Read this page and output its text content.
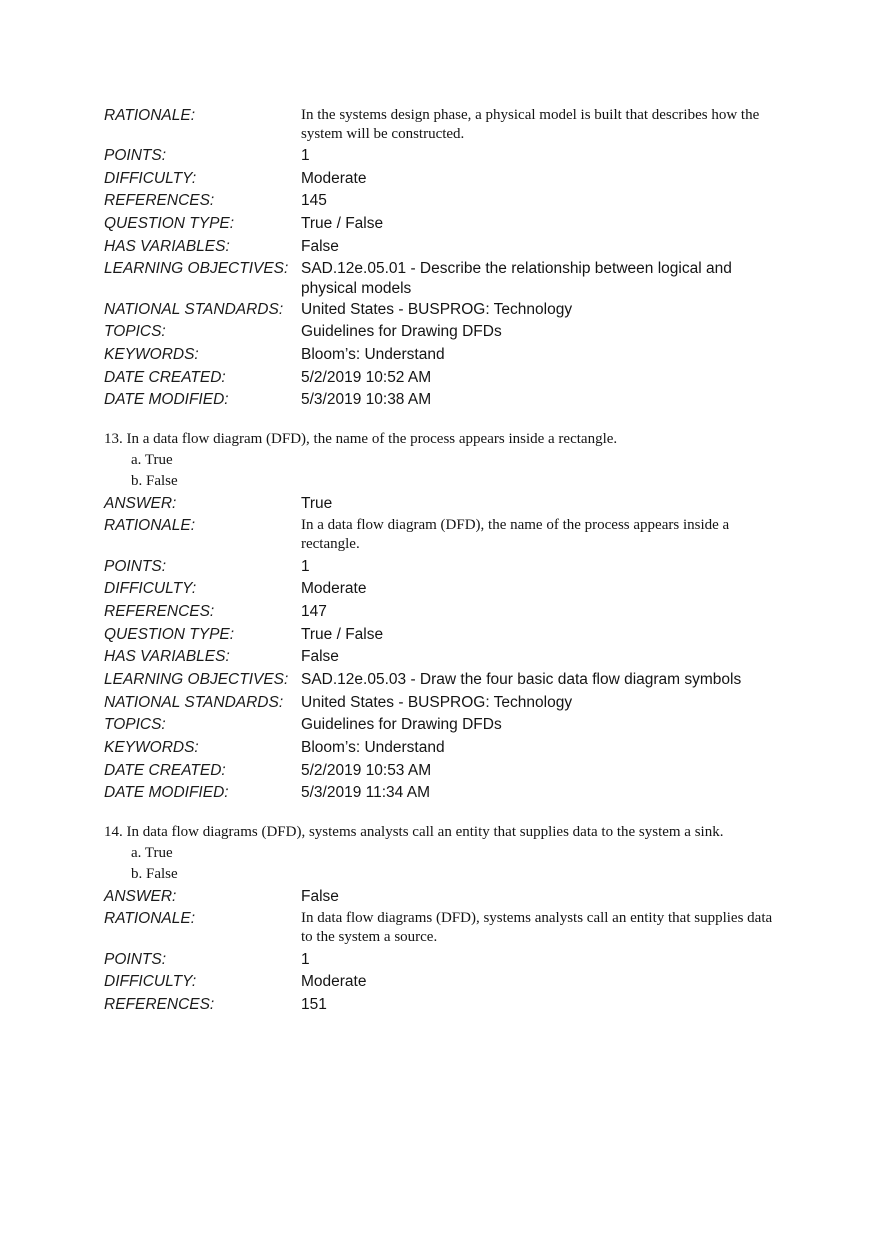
RATIONALE:	In the systems design phase, a physical model is built that describes how the system will be constructed.
POINTS:	1
DIFFICULTY:	Moderate
REFERENCES:	145
QUESTION TYPE:	True / False
HAS VARIABLES:	False
LEARNING OBJECTIVES: SAD.12e.05.01 - Describe the relationship between logical and physical models
NATIONAL STANDARDS: United States - BUSPROG: Technology
TOPICS:	Guidelines for Drawing DFDs
KEYWORDS:	Bloom’s: Understand
DATE CREATED:	5/2/2019 10:52 AM
DATE MODIFIED:	5/3/2019 10:38 AM
13. In a data flow diagram (DFD), the name of the process appears inside a rectangle.
a. True
b. False
ANSWER:	True
RATIONALE:	In a data flow diagram (DFD), the name of the process appears inside a rectangle.
POINTS:	1
DIFFICULTY:	Moderate
REFERENCES:	147
QUESTION TYPE:	True / False
HAS VARIABLES:	False
LEARNING OBJECTIVES: SAD.12e.05.03 - Draw the four basic data flow diagram symbols
NATIONAL STANDARDS: United States - BUSPROG: Technology
TOPICS:	Guidelines for Drawing DFDs
KEYWORDS:	Bloom’s: Understand
DATE CREATED:	5/2/2019 10:53 AM
DATE MODIFIED:	5/3/2019 11:34 AM
14. In data flow diagrams (DFD), systems analysts call an entity that supplies data to the system a sink.
a. True
b. False
ANSWER:	False
RATIONALE:	In data flow diagrams (DFD), systems analysts call an entity that supplies data to the system a source.
POINTS:	1
DIFFICULTY:	Moderate
REFERENCES:	151
